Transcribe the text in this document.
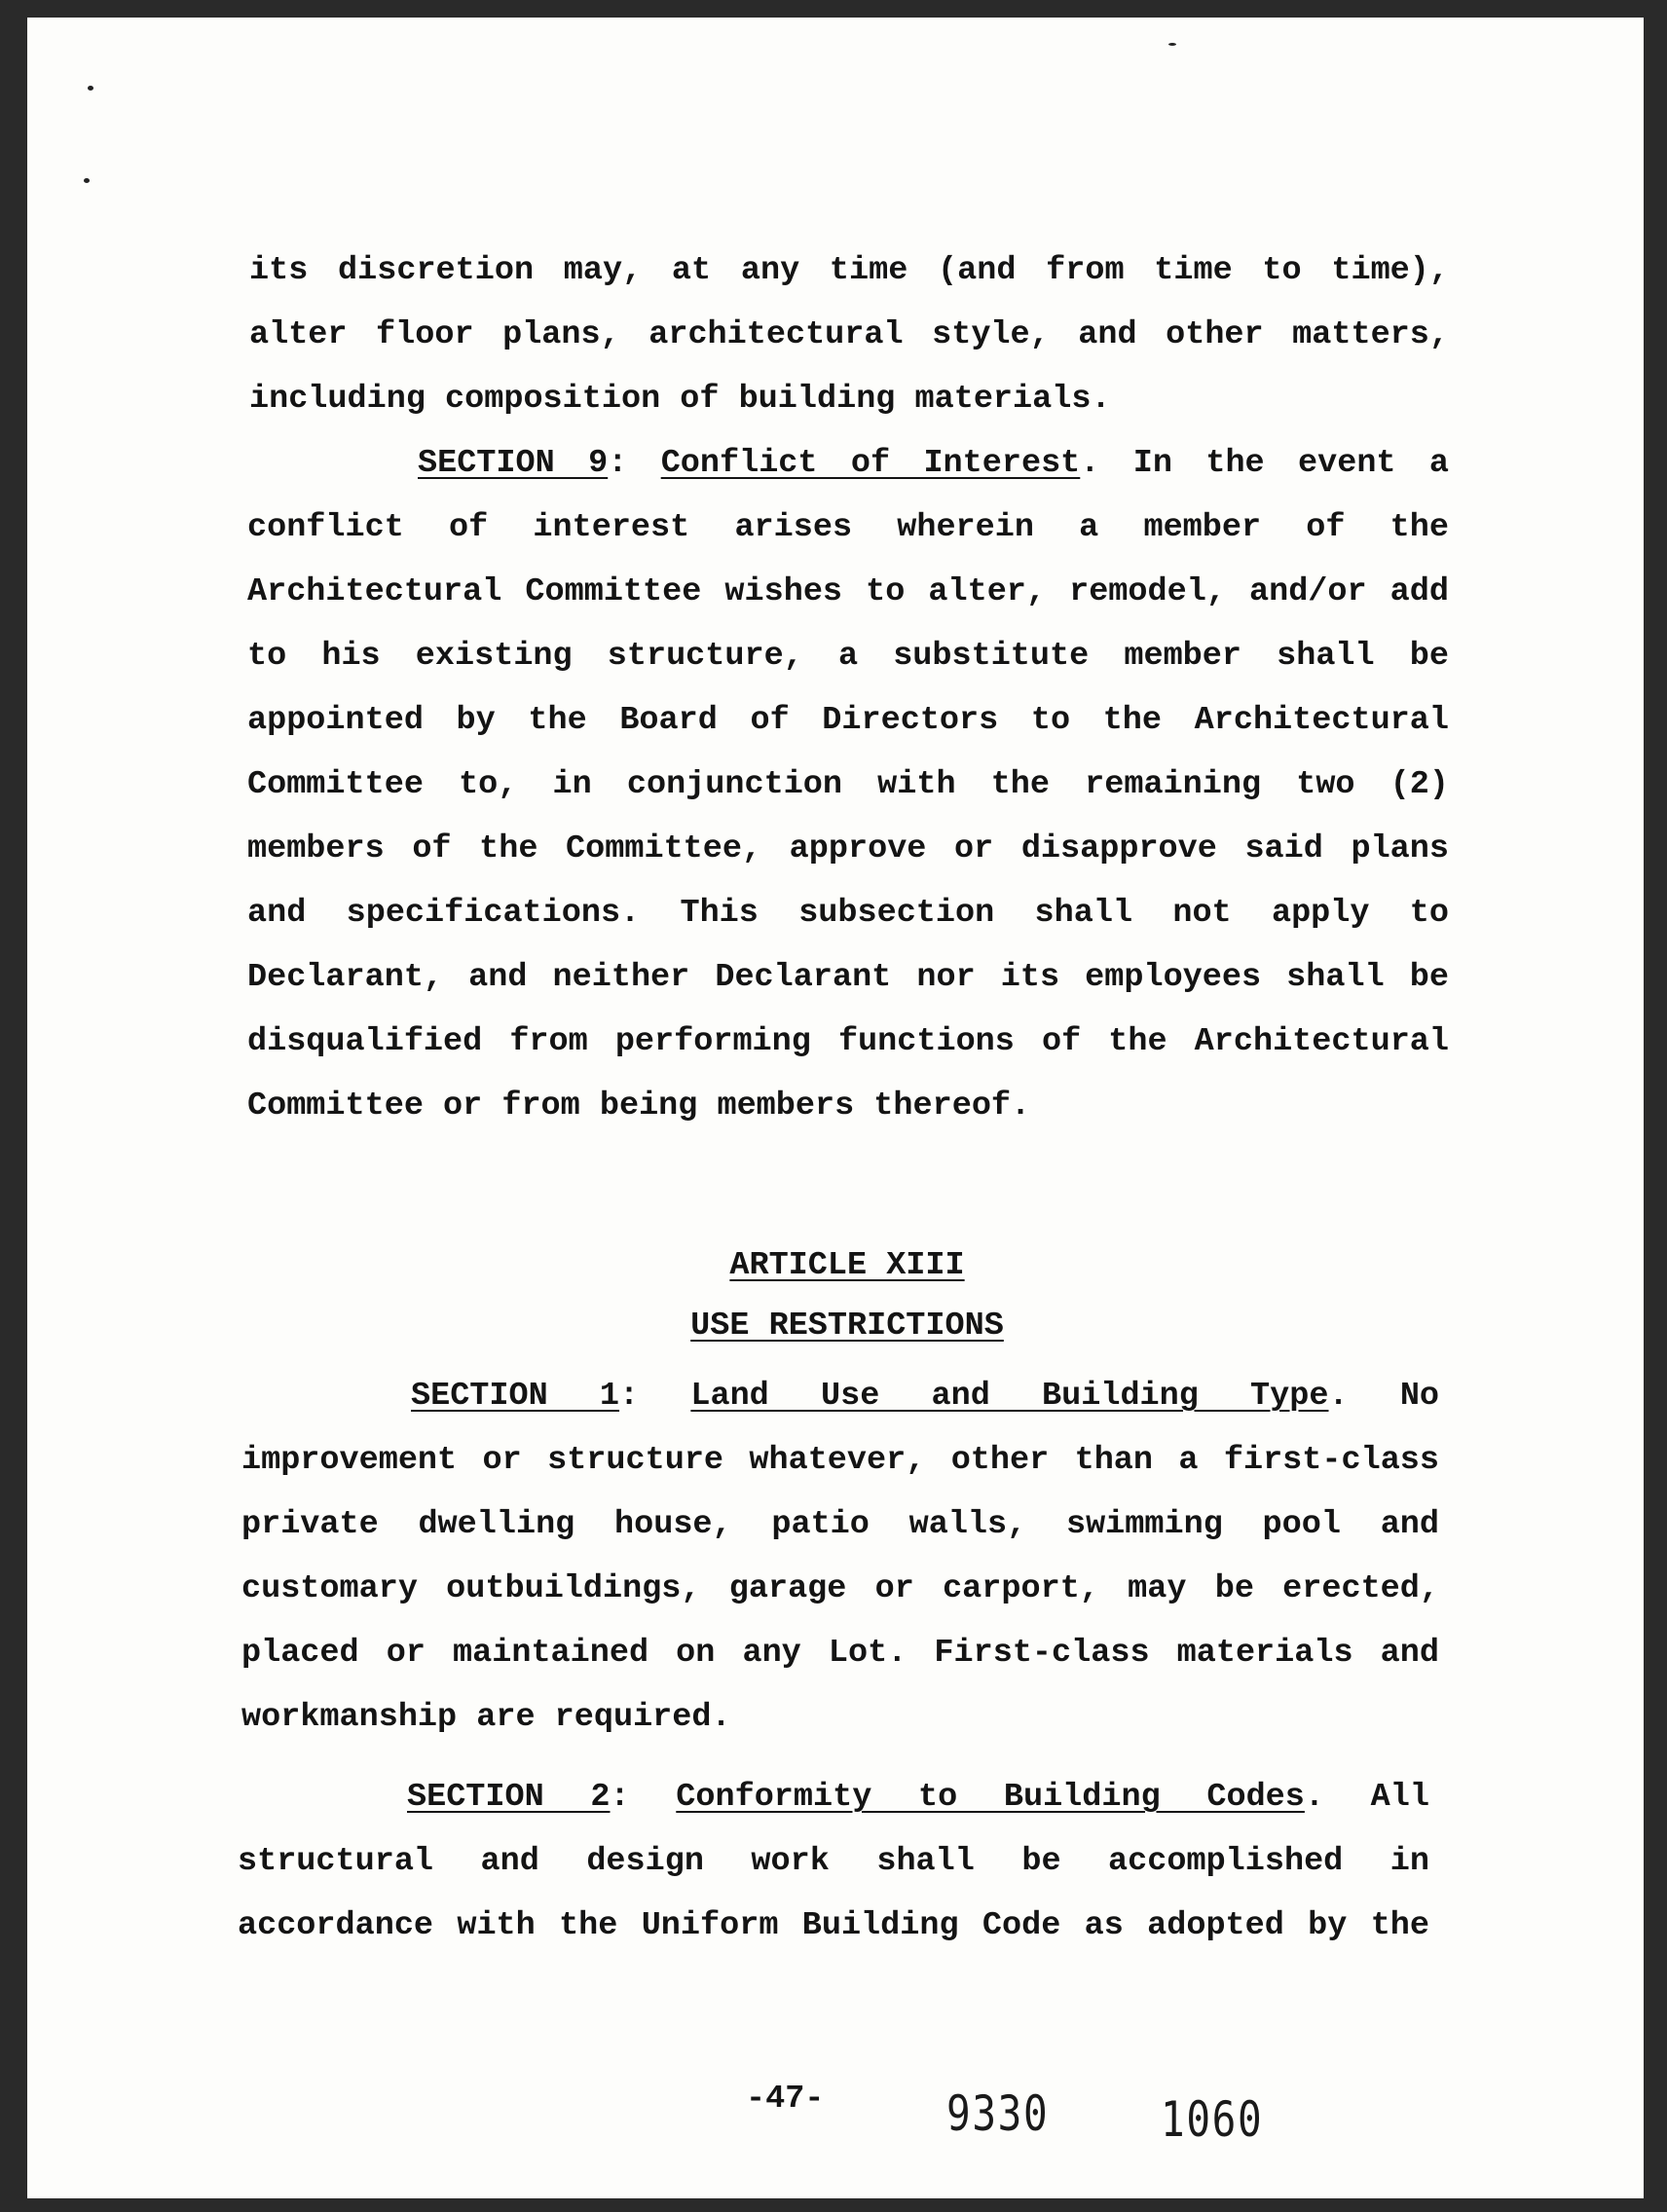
its discretion may, at any time (and from time to time),
alter floor plans, architectural style, and other matters,
including composition of building materials.
SECTION 9: Conflict of Interest. In the event a
conflict of interest arises wherein a member of the
Architectural Committee wishes to alter, remodel, and/or add
to his existing structure, a substitute member shall be
appointed by the Board of Directors to the Architectural
Committee to, in conjunction with the remaining two (2)
members of the Committee, approve or disapprove said plans
and specifications. This subsection shall not apply to
Declarant, and neither Declarant nor its employees shall be
disqualified from performing functions of the Architectural
Committee or from being members thereof.
ARTICLE XIII
USE RESTRICTIONS
SECTION 1: Land Use and Building Type. No
improvement or structure whatever, other than a first-class
private dwelling house, patio walls, swimming pool and
customary outbuildings, garage or carport, may be erected,
placed or maintained on any Lot. First-class materials and
workmanship are required.
SECTION 2: Conformity to Building Codes. All
structural and design work shall be accomplished in
accordance with the Uniform Building Code as adopted by the
-47-	9330 1060
